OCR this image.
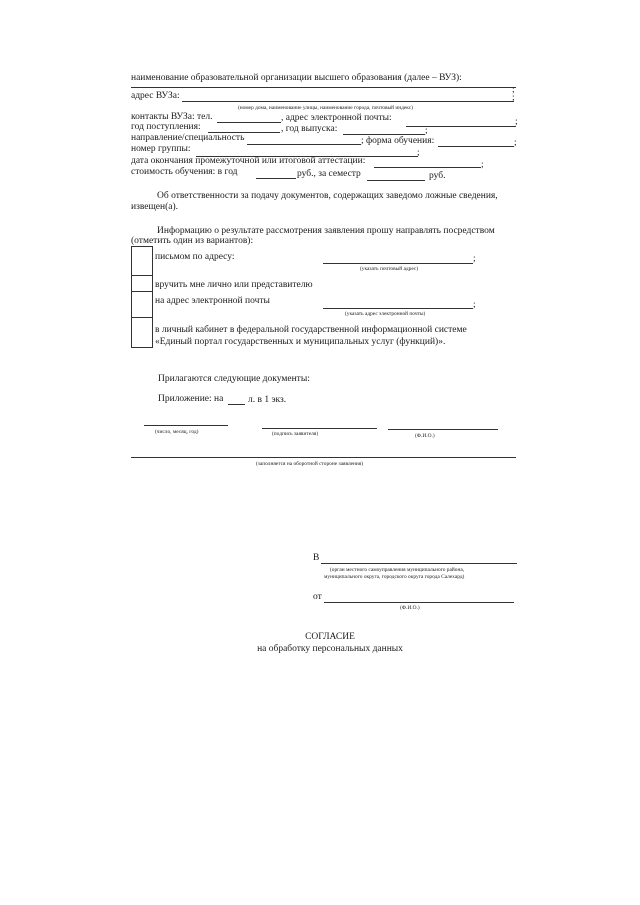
наименование образовательной организации высшего образования (далее – ВУЗ):
;
адрес ВУЗа:	;
(номер дома, наименование улицы, наименование города, почтовый индекс)
контакты ВУЗа: тел.	, адрес электронной почты:	;
год поступления:	, год выпуска:	;
направление/специальность	; форма обучения:	;
номер группы:	;
дата окончания промежуточной или итоговой аттестации:	;
стоимость обучения: в год	руб., за семестр	руб.
Об ответственности за подачу документов, содержащих заведомо ложные сведения,
извещен(а).
Информацию о результате рассмотрения заявления прошу направлять посредством
(отметить один из вариантов):
письмом по адресу:	;
(указать почтовый адрес)
вручить мне лично или представителю
на адрес электронной почты	;
(указать адрес электронной почты)
в личный кабинет в федеральной государственной информационной системе
«Единый портал государственных и муниципальных услуг (функций)».
Прилагаются следующие документы:
Приложение: на	л. в 1 экз.
(число, месяц, год)	(подпись заявителя)	(Ф.И.О.)
(заполняется на оборотной стороне заявления)
В
(орган местного самоуправления муниципального района,
муниципального округа, городского округа города Салехард)
от
(Ф.И.О.)
СОГЛАСИЕ
на обработку персональных данных
